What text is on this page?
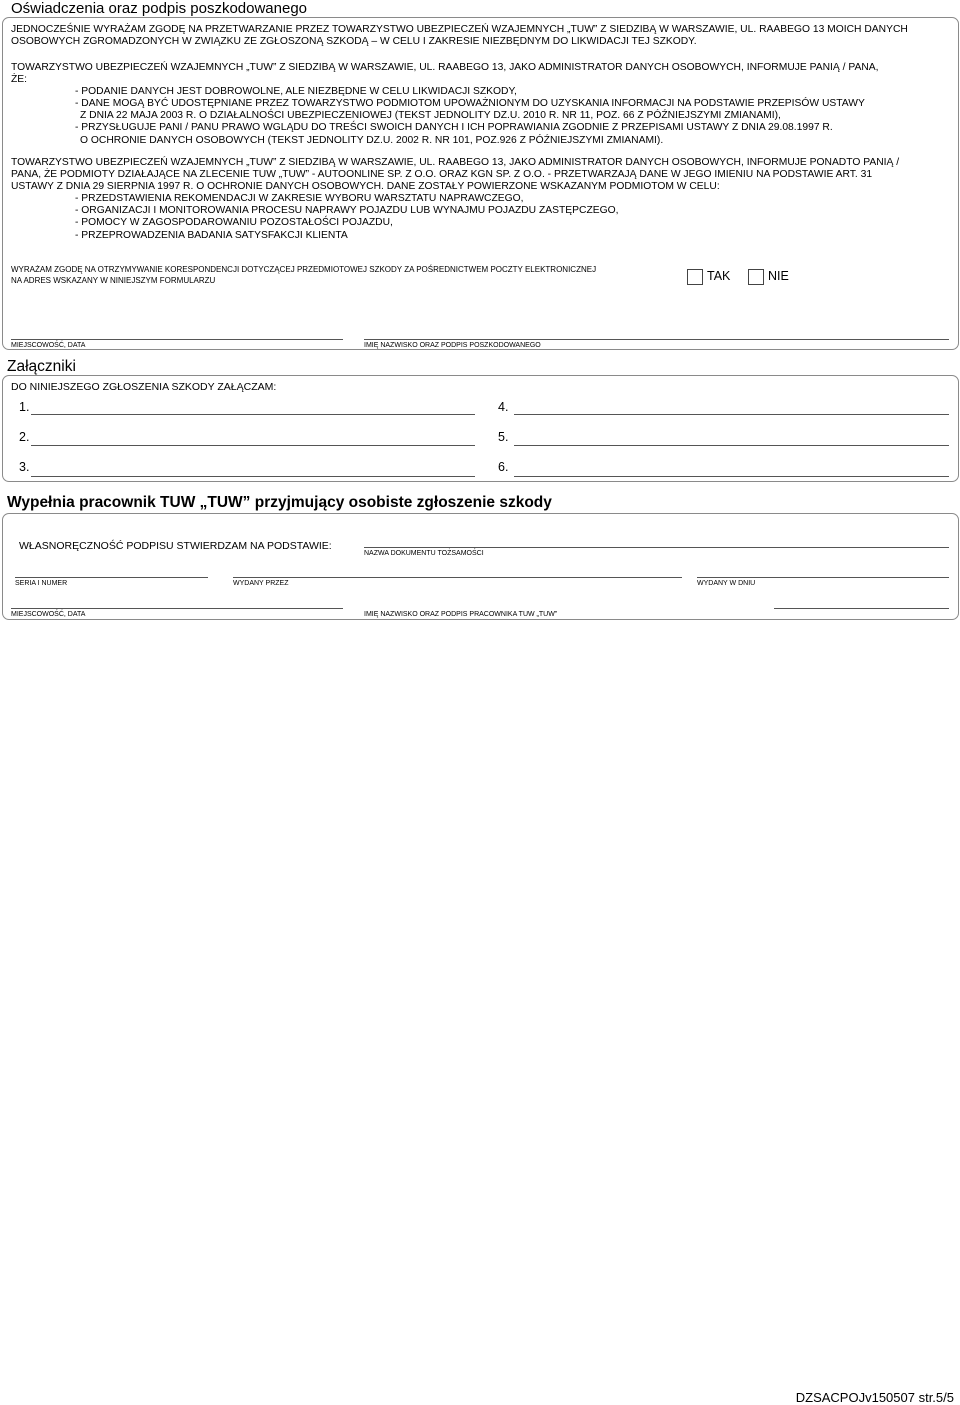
Oświadczenia oraz podpis poszkodowanego
JEDNOCZEŚNIE WYRAŻAM ZGODĘ NA PRZETWARZANIE PRZEZ TOWARZYSTWO UBEZPIECZEŃ WZAJEMNYCH „TUW” Z SIEDZIBĄ W WARSZAWIE, UL. RAABEGO 13 MOICH DANYCH
OSOBOWYCH ZGROMADZONYCH W ZWIĄZKU ZE ZGŁOSZONĄ SZKODĄ – W CELU I ZAKRESIE NIEZBĘDNYM DO LIKWIDACJI TEJ SZKODY.
TOWARZYSTWO UBEZPIECZEŃ WZAJEMNYCH „TUW” Z SIEDZIBĄ W WARSZAWIE, UL. RAABEGO 13, JAKO ADMINISTRATOR DANYCH OSOBOWYCH, INFORMUJE PANIĄ / PANA,
ŻE:
- PODANIE DANYCH JEST DOBROWOLNE, ALE NIEZBĘDNE W CELU LIKWIDACJI SZKODY,
- DANE MOGĄ BYĆ UDOSTĘPNIANE PRZEZ TOWARZYSTWO PODMIOTOM UPOWAŻNIONYM DO UZYSKANIA INFORMACJI NA PODSTAWIE PRZEPISÓW USTAWY
Z DNIA 22 MAJA 2003 R. O DZIAŁALNOŚCI UBEZPIECZENIOWEJ (TEKST JEDNOLITY DZ.U. 2010 R. NR 11, POZ. 66 Z PÓŹNIEJSZYMI ZMIANAMI),
- PRZYSŁUGUJE PANI / PANU PRAWO WGLĄDU DO TREŚCI SWOICH DANYCH I ICH POPRAWIANIA ZGODNIE Z PRZEPISAMI USTAWY Z DNIA 29.08.1997 R.
O OCHRONIE DANYCH OSOBOWYCH (TEKST JEDNOLITY DZ.U. 2002 R. NR 101, POZ.926 Z PÓŹNIEJSZYMI ZMIANAMI).
TOWARZYSTWO UBEZPIECZEŃ WZAJEMNYCH „TUW” Z SIEDZIBĄ W WARSZAWIE, UL. RAABEGO 13, JAKO ADMINISTRATOR DANYCH OSOBOWYCH, INFORMUJE PONADTO PANIĄ /
PANA, ŻE PODMIOTY DZIAŁAJĄCE NA ZLECENIE TUW „TUW” - AUTOONLINE SP. Z O.O. ORAZ KGN SP. Z O.O. - PRZETWARZAJĄ DANE W JEGO IMIENIU NA PODSTAWIE ART. 31
USTAWY Z DNIA 29 SIERPNIA 1997 R. O OCHRONIE DANYCH OSOBOWYCH. DANE ZOSTAŁY POWIERZONE WSKAZANYM PODMIOTOM W CELU:
- PRZEDSTAWIENIA REKOMENDACJI W ZAKRESIE WYBORU WARSZTATU NAPRAWCZEGO,
- ORGANIZACJI I MONITOROWANIA PROCESU NAPRAWY POJAZDU LUB WYNAJMU POJAZDU ZASTĘPCZEGO,
- POMOCY W ZAGOSPODAROWANIU POZOSTAŁOŚCI POJAZDU,
- PRZEPROWADZENIA BADANIA SATYSFAKCJI KLIENTA
WYRAŻAM ZGODĘ NA OTRZYMYWANIE KORESPONDENCJI DOTYCZĄCEJ PRZEDMIOTOWEJ SZKODY ZA POŚREDNICTWEM POCZTY ELEKTRONICZNEJ
NA ADRES WSKAZANY W NINIEJSZYM FORMULARZU	TAK	NIE
MIEJSCOWOŚĆ, DATA	IMIĘ NAZWISKO ORAZ PODPIS POSZKODOWANEGO
Załączniki
DO NINIEJSZEGO ZGŁOSZENIA SZKODY ZAŁĄCZAM:
1.
2.
3.
4.
5.
6.
Wypełnia pracownik TUW „TUW” przyjmujący osobiste zgłoszenie szkody
WŁASNORĘCZNOŚĆ PODPISU STWIERDZAM NA PODSTAWIE:
NAZWA DOKUMENTU TOŻSAMOŚCI
SERIA I NUMER	WYDANY PRZEZ	WYDANY W DNIU
MIEJSCOWOŚĆ, DATA	IMIĘ NAZWISKO ORAZ PODPIS PRACOWNIKA TUW „TUW”
DZSACPOJv150507 str.5/5
